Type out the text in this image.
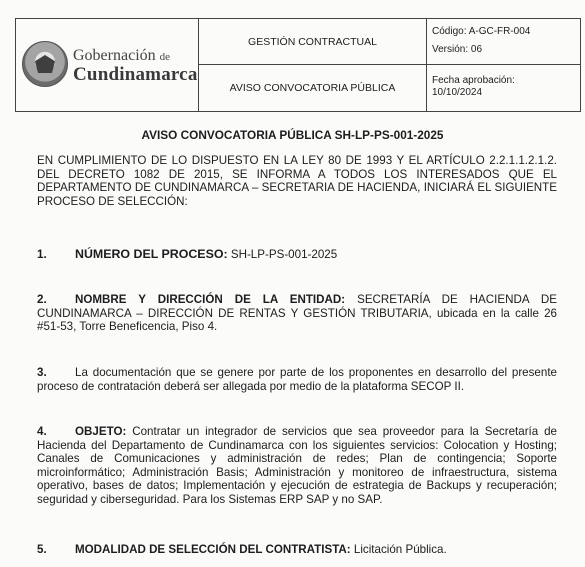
Gobernación de
Cundinamarca
GESTIÓN CONTRACTUAL
AVISO CONVOCATORIA PÚBLICA
Código: A-GC-FR-004
Versión: 06
Fecha aprobación:
10/10/2024
AVISO CONVOCATORIA PÚBLICA SH-LP-PS-001-2025
EN CUMPLIMIENTO DE LO DISPUESTO EN LA LEY 80 DE 1993 Y EL ARTÍCULO 2.2.1.1.2.1.2. DEL DECRETO 1082 DE 2015, SE INFORMA A TODOS LOS INTERESADOS QUE EL DEPARTAMENTO DE CUNDINAMARCA – SECRETARIA DE HACIENDA, INICIARÁ EL SIGUIENTE PROCESO DE SELECCIÓN:
1. NÚMERO DEL PROCESO: SH-LP-PS-001-2025
2. NOMBRE Y DIRECCIÓN DE LA ENTIDAD: SECRETARÍA DE HACIENDA DE CUNDINAMARCA – DIRECCIÓN DE RENTAS Y GESTIÓN TRIBUTARIA, ubicada en la calle 26 #51-53, Torre Beneficencia, Piso 4.
3. La documentación que se genere por parte de los proponentes en desarrollo del presente proceso de contratación deberá ser allegada por medio de la plataforma SECOP II.
4. OBJETO: Contratar un integrador de servicios que sea proveedor para la Secretaría de Hacienda del Departamento de Cundinamarca con los siguientes servicios: Colocation y Hosting; Canales de Comunicaciones y administración de redes; Plan de contingencia; Soporte microinformático; Administración Basis; Administración y monitoreo de infraestructura, sistema operativo, bases de datos; Implementación y ejecución de estrategia de Backups y recuperación; seguridad y ciberseguridad. Para los Sistemas ERP SAP y no SAP.
5. MODALIDAD DE SELECCIÓN DEL CONTRATISTA: Licitación Pública.
